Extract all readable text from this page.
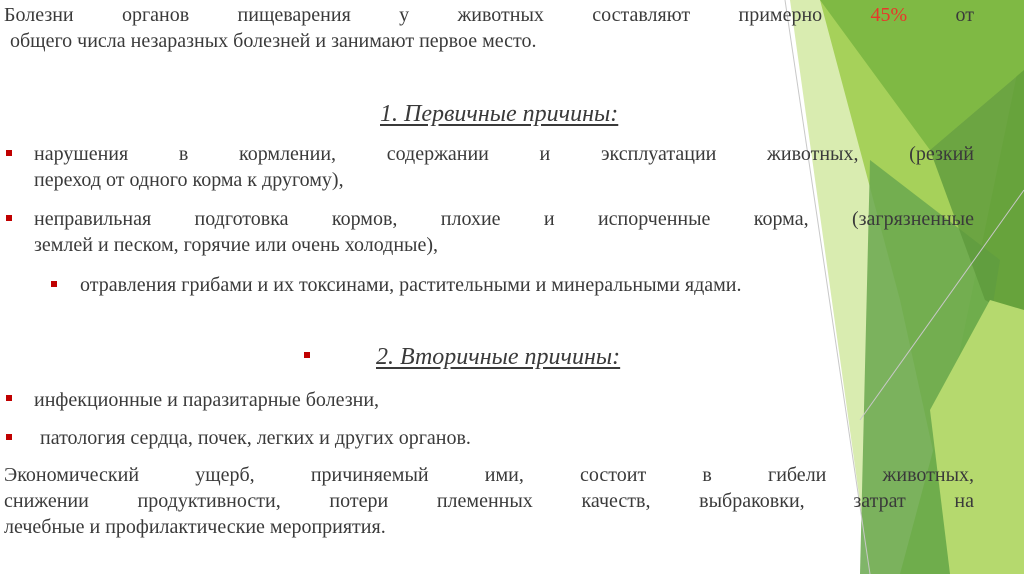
Болезни органов пищеварения у животных составляют примерно 45% от
общего числа незаразных болезней и занимают первое место.
1. Первичные причины:
нарушения в кормлении, содержании и эксплуатации животных, (резкий
переход от одного корма к другому),
неправильная подготовка кормов, плохие и испорченные корма, (загрязненные
землей и песком, горячие или очень холодные),
отравления грибами и их токсинами, растительными и минеральными ядами.
2. Вторичные причины:
инфекционные и паразитарные болезни,
патология сердца, почек, легких и других органов.
Экономический ущерб, причиняемый ими, состоит в гибели животных,
снижении продуктивности, потери племенных качеств, выбраковки, затрат на
лечебные и профилактические мероприятия.
